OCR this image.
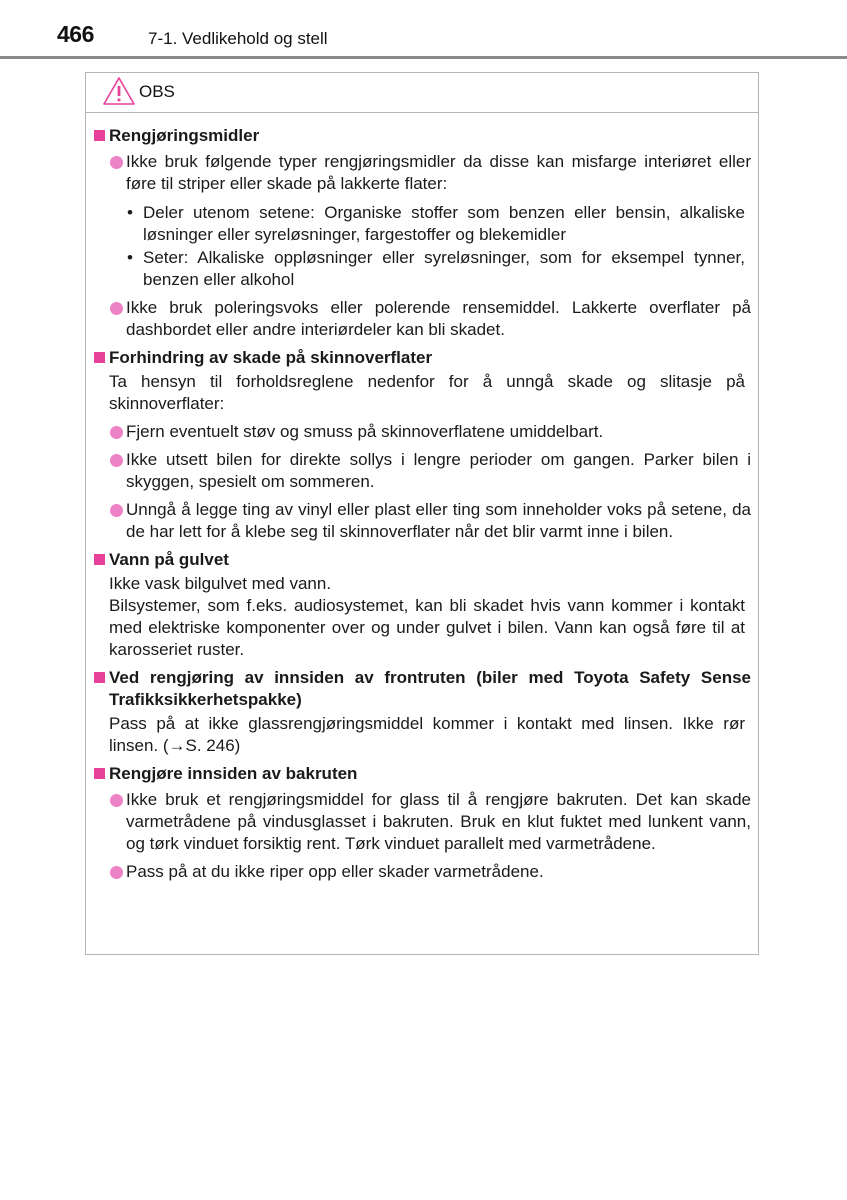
466	7-1. Vedlikehold og stell
OBS
Rengjøringsmidler
Ikke bruk følgende typer rengjøringsmidler da disse kan misfarge interiøret eller føre til striper eller skade på lakkerte flater:
• Deler utenom setene: Organiske stoffer som benzen eller bensin, alkaliske løsninger eller syreløsninger, fargestoffer og blekemidler
• Seter: Alkaliske oppløsninger eller syreløsninger, som for eksempel tynner, benzen eller alkohol
Ikke bruk poleringsvoks eller polerende rensemiddel. Lakkerte overflater på dashbordet eller andre interiørdeler kan bli skadet.
Forhindring av skade på skinnoverflater
Ta hensyn til forholdsreglene nedenfor for å unngå skade og slitasje på skinnoverflater:
Fjern eventuelt støv og smuss på skinnoverflatene umiddelbart.
Ikke utsett bilen for direkte sollys i lengre perioder om gangen. Parker bilen i skyggen, spesielt om sommeren.
Unngå å legge ting av vinyl eller plast eller ting som inneholder voks på setene, da de har lett for å klebe seg til skinnoverflater når det blir varmt inne i bilen.
Vann på gulvet
Ikke vask bilgulvet med vann.
Bilsystemer, som f.eks. audiosystemet, kan bli skadet hvis vann kommer i kontakt med elektriske komponenter over og under gulvet i bilen. Vann kan også føre til at karosseriet ruster.
Ved rengjøring av innsiden av frontruten (biler med Toyota Safety Sense Trafikksikkerhetspakke)
Pass på at ikke glassrengjøringsmiddel kommer i kontakt med linsen. Ikke rør linsen. (→S. 246)
Rengjøre innsiden av bakruten
Ikke bruk et rengjøringsmiddel for glass til å rengjøre bakruten. Det kan skade varmetrådene på vindusglasset i bakruten. Bruk en klut fuktet med lunkent vann, og tørk vinduet forsiktig rent. Tørk vinduet parallelt med varmetrådene.
Pass på at du ikke riper opp eller skader varmetrådene.
